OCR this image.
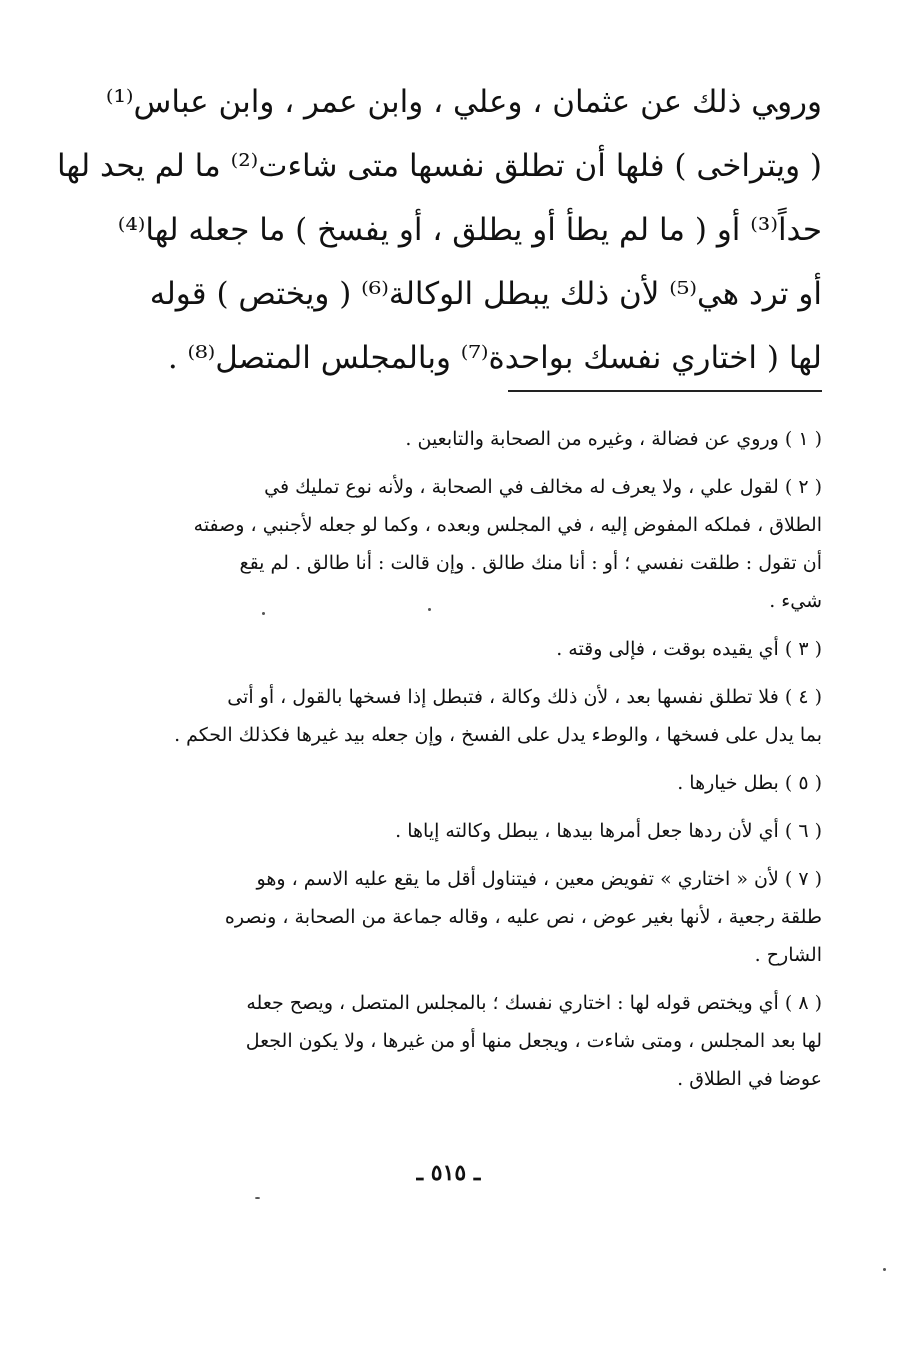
ورو‍ي ذلك عن عثمان ، وعلي ، وابن عمر ، وابن عباس⁽¹⁾
( ويتراخى ) فلها أن تطلق نفسها متى شاءت⁽²⁾ ما لم يحد لها
حداً⁽³⁾ أو ( ما لم يطأ أو يطلق ، أو يفسخ ) ما جعله لها⁽⁴⁾
أو ترد هي⁽⁵⁾ لأن ذلك يبطل الوكالة⁽⁶⁾ ( ويختص ) قوله
لها ( اختاري نفسك بواحدة⁽⁷⁾ وبالمجلس المتصل⁽⁸⁾ .
( ١ ) وروي عن فضالة ، وغيره من الصحابة والتابعين .
( ٢ ) لقول علي ، ولا يعرف له مخالف في الصحابة ، ولأنه نوع تمليك في
الطلاق ، فملكه المفوض إليه ، في المجلس وبعده ، وكما لو جعله لأجنبي ، وصفته
أن تقول : طلقت نفسي ؛ أو : أنا منك طالق . وإن قالت : أنا طالق . لم يقع
شيء .
( ٣ ) أي يقيده بوقت ، فإلى وقته .
( ٤ ) فلا تطلق نفسها بعد ، لأن ذلك وكالة ، فتبطل إذا فسخها بالقول ، أو أتى
بما يدل على فسخها ، والوطء يدل على الفسخ ، وإن جعله بيد غيرها فكذلك الحكم .
( ٥ ) بطل خيارها .
( ٦ ) أي لأن ردها جعل أمرها بيدها ، يبطل وكالته إياها .
( ٧ ) لأن « اختاري » تفويض معين ، فيتناول أقل ما يقع عليه الاسم ، وهو
طلقة رجعية ، لأنها بغير عوض ، نص عليه ، وقاله جماعة من الصحابة ، ونصره
الشارح .
( ٨ ) أي ويختص قوله لها : اختاري نفسك ؛ بالمجلس المتصل ، ويصح جعله
لها بعد المجلس ، ومتى شاءت ، ويجعل منها أو من غيرها ، ولا يكون الجعل
عوضا في الطلاق .
ـ ٥١٥ ـ
